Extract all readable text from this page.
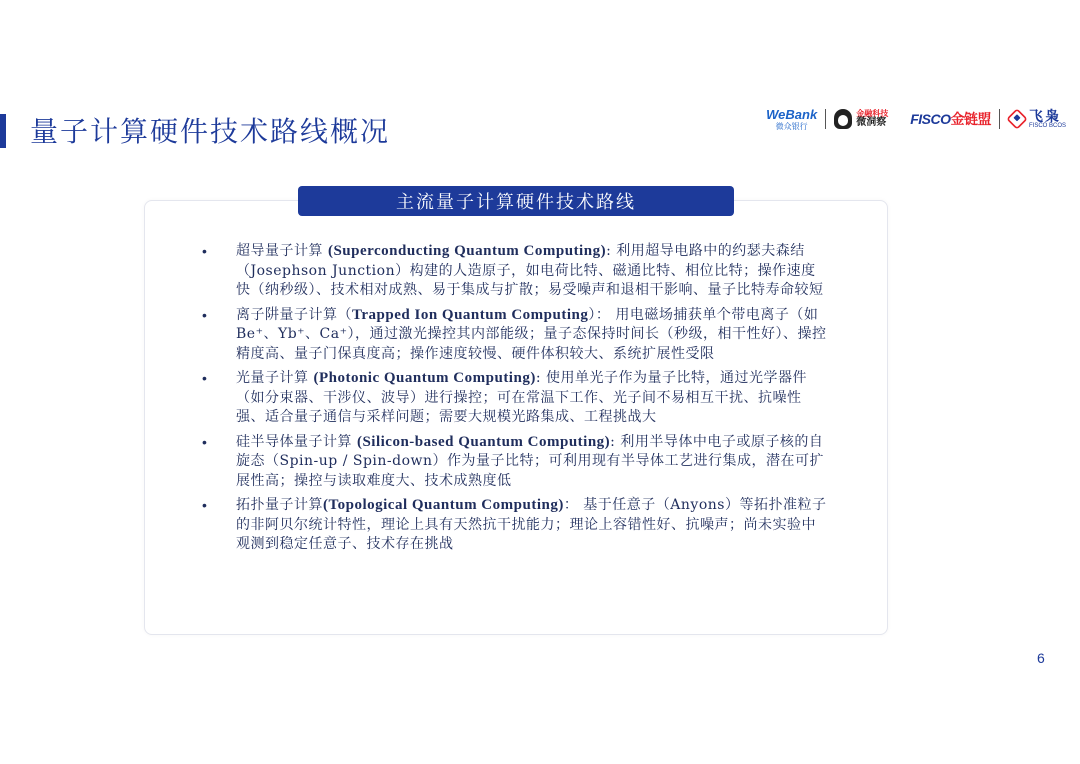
量子计算硬件技术路线概况
WeBank
微众银行
金融科技
微洞察 FISCO金链盟	飞枭
FISCO BCOS
主流量子计算硬件技术路线
• 超导量子计算 (Superconducting Quantum Computing): 利用超导电路中的约瑟夫森结（Josephson Junction）构建的人造原子，如电荷比特、磁通比特、相位比特；操作速度快（纳秒级）、技术相对成熟、易于集成与扩散；易受噪声和退相干影响、量子比特寿命较短
• 离子阱量子计算（Trapped Ion Quantum Computing）： 用电磁场捕获单个带电离子（如 Be⁺、Yb⁺、Ca⁺），通过激光操控其内部能级；量子态保持时间长（秒级，相干性好）、操控精度高、量子门保真度高；操作速度较慢、硬件体积较大、系统扩展性受限
• 光量子计算 (Photonic Quantum Computing): 使用单光子作为量子比特，通过光学器件（如分束器、干涉仪、波导）进行操控；可在常温下工作、光子间不易相互干扰、抗噪性强、适合量子通信与采样问题；需要大规模光路集成、工程挑战大
• 硅半导体量子计算 (Silicon-based Quantum Computing): 利用半导体中电子或原子核的自旋态（Spin-up / Spin-down）作为量子比特；可利用现有半导体工艺进行集成，潜在可扩展性高；操控与读取难度大、技术成熟度低
• 拓扑量子计算(Topological Quantum Computing)： 基于任意子（Anyons）等拓扑准粒子的非阿贝尔统计特性，理论上具有天然抗干扰能力；理论上容错性好、抗噪声；尚未实验中观测到稳定任意子、技术存在挑战
6
